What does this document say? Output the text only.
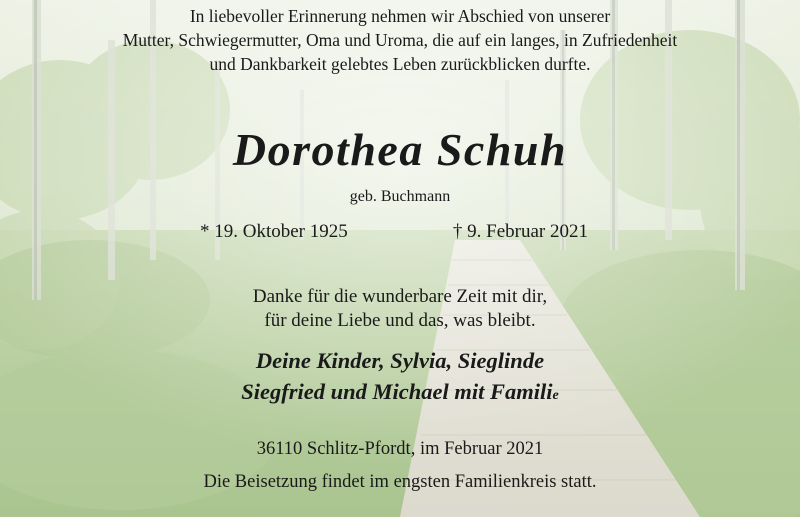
In liebevoller Erinnerung nehmen wir Abschied von unserer
Mutter, Schwiegermutter, Oma und Uroma, die auf ein langes, in Zufriedenheit
und Dankbarkeit gelebtes Leben zurückblicken durfte.
Dorothea Schuh
geb. Buchmann
* 19. Oktober 1925	† 9. Februar 2021
Danke für die wunderbare Zeit mit dir,
für deine Liebe und das, was bleibt.
Deine Kinder, Sylvia, Sieglinde
Siegfried und Michael mit Familie
36110 Schlitz-Pfordt, im Februar 2021
Die Beisetzung findet im engsten Familienkreis statt.
